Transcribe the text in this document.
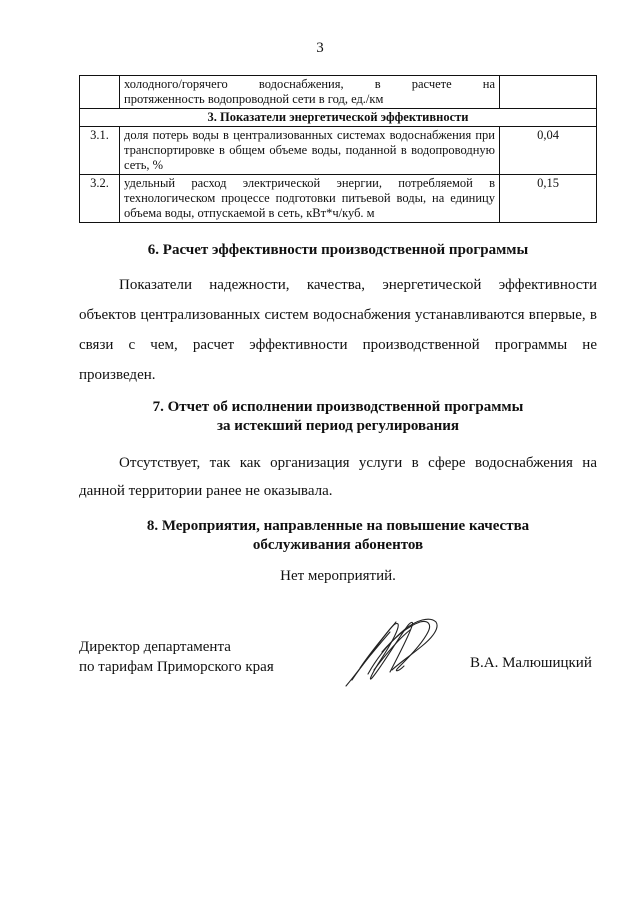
3

	холодного/горячего водоснабжения, в расчете на
протяженность водопроводной сети в год, ед./км	

3. Показатели энергетической эффективности		
3.1.	доля потерь воды в централизованных системах водоснабжения при транспортировке в общем объеме воды, поданной в водопроводную сеть, %	0,04
3.2.	удельный расход электрической энергии, потребляемой в технологическом процессе подготовки питьевой воды, на единицу объема воды, отпускаемой в сеть, кВт*ч/куб. м	0,15
6. Расчет эффективности производственной программы
Показатели надежности, качества, энергетической эффективности объектов централизованных систем водоснабжения устанавливаются впервые, в связи с чем, расчет эффективности производственной программы не произведен.
7. Отчет об исполнении производственной программы
за истекший период регулирования
Отсутствует, так как организация услуги в сфере водоснабжения на данной территории ранее не оказывала.
8. Мероприятия, направленные на повышение качества
обслуживания абонентов
Нет мероприятий.
Директор департамента
по тарифам Приморского края	В.А. Малюшицкий
